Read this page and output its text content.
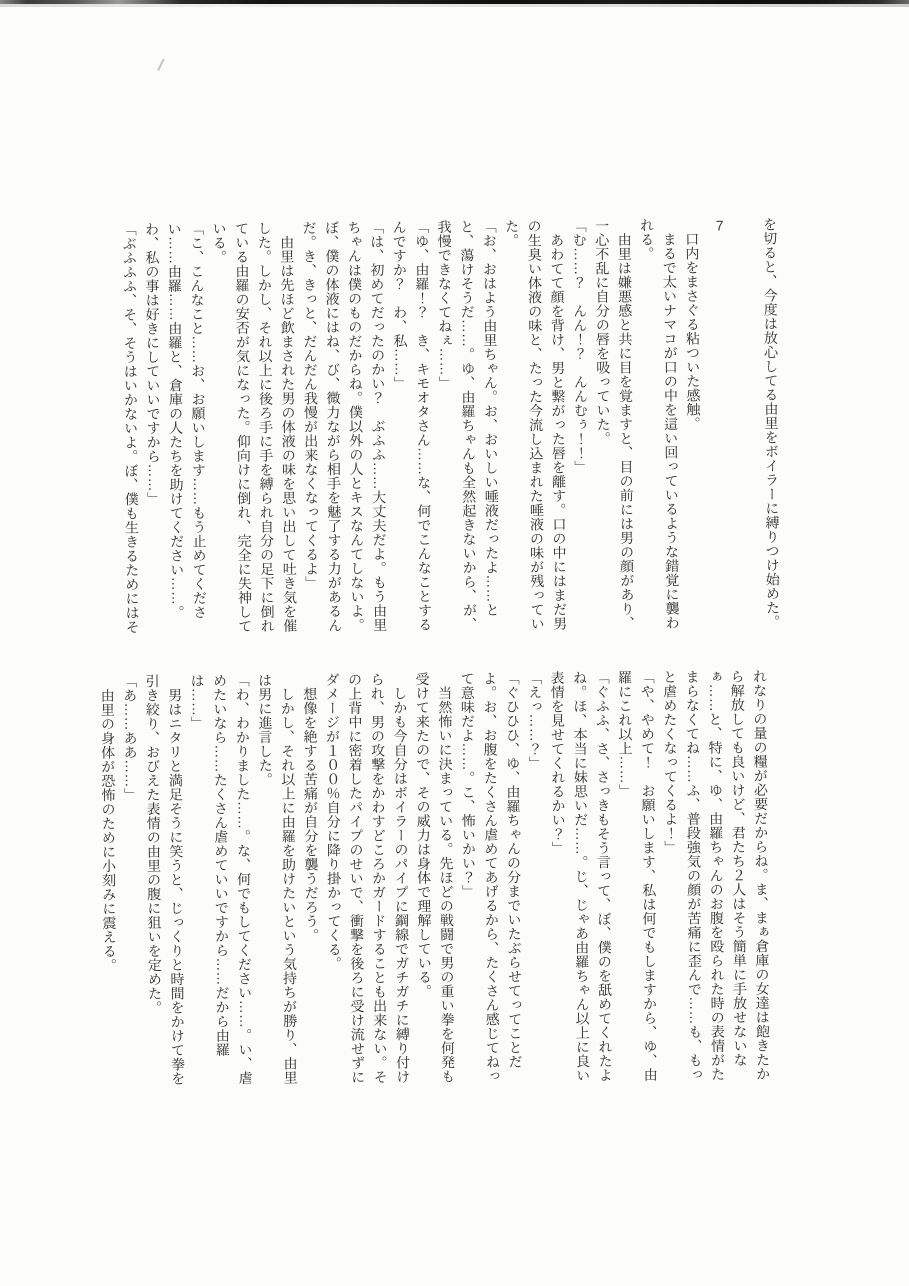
を切ると、今度は放心してる由里をボイラーに縛りつけ始めた。

7

　口内をまさぐる粘ついた感触。

　まるで太いナマコが口の中を這い回っているような錯覚に襲われる。

　由里は嫌悪感と共に目を覚ますと、目の前には男の顔があり、一心不乱に自分の唇を吸っていた。

「む……？　んん！？　んんむぅ！！」

　あわてて顔を背け、男と繋がった唇を離す。口の中にはまだ男の生臭い体液の味と、たった今流し込まれた唾液の味が残っていた。

「お、おはよう由里ちゃん。お、おいしい唾液だったよ……とと、蕩けそうだ……。ゆ、由羅ちゃんも全然起きないから、が、我慢できなくてねぇ……」

「ゆ、由羅！？　き、キモオタさん……な、何でこんなことするんですか？　わ、私……」

「は、初めてだったのかい？　ぶふふ……大丈夫だよ。もう由里ちゃんは僕のものだからね。僕以外の人とキスなんてしないよ。ぼ、僕の体液にはね、び、微力ながら相手を魅了する力があるんだ。き、きっと、だんだん我慢が出来なくなってくるよ」

　由里は先ほど飲まされた男の体液の味を思い出して吐き気を催した。しかし、それ以上に後ろ手に手を縛られ自分の足下に倒れている由羅の安否が気になった。仰向けに倒れ、完全に失神している。

「こ、こんなこと……お、お願いします……もう止めてください……由羅……由羅と、倉庫の人たちを助けてください……。わ、私の事は好きにしていいですから……」

「ぶふふふ、そ、そうはいかないよ。ぼ、僕も生きるためにはそ

れなりの量の糧が必要だからね。ま、まぁ倉庫の女達は飽きたから解放しても良いけど、君たち２人はそう簡単に手放せないなぁ……と、特に、ゆ、由羅ちゃんのお腹を殴られた時の表情がたまらなくてね……ふ、普段強気の顔が苦痛に歪んで……も、もっと虐めたくなってくるよ！」

「や、やめて！　お願いします、私は何でもしますから、ゆ、由羅にこれ以上……」

「ぐふふ、さ、さっきもそう言って、ぼ、僕のを舐めてくれたよね。ほ、本当に妹思いだ……。じ、じゃあ由羅ちゃん以上に良い表情を見せてくれるかい？」

「えっ……？」

「ぐひひひ、ゆ、由羅ちゃんの分までいたぶらせてってことだよ。お、お腹をたくさん虐めてあげるから、たくさん感じてねって意味だよ……。こ、怖いかい？」

　当然怖いに決まっている。先ほどの戦闘で男の重い拳を何発も受けて来たので、その威力は身体で理解している。

　しかも今自分はボイラーのパイプに鋼線でガチガチに縛り付けられ、男の攻撃をかわすどころかガードすることも出来ない。その上背中に密着したパイプのせいで、衝撃を後ろに受け流せずにダメージが１００％自分に降り掛かってくる。

　想像を絶する苦痛が自分を襲うだろう。

　しかし、それ以上に由羅を助けたいという気持ちが勝り、由里は男に進言した。

「わ、わかりました……。な、何でもしてください……。い、虐めたいなら……たくさん虐めていいですから……だから由羅は……」

　男はニタリと満足そうに笑うと、じっくりと時間をかけて拳を引き絞り、おびえた表情の由里の腹に狙いを定めた。

「あ……ああ……」

　由里の身体が恐怖のために小刻みに震える。
